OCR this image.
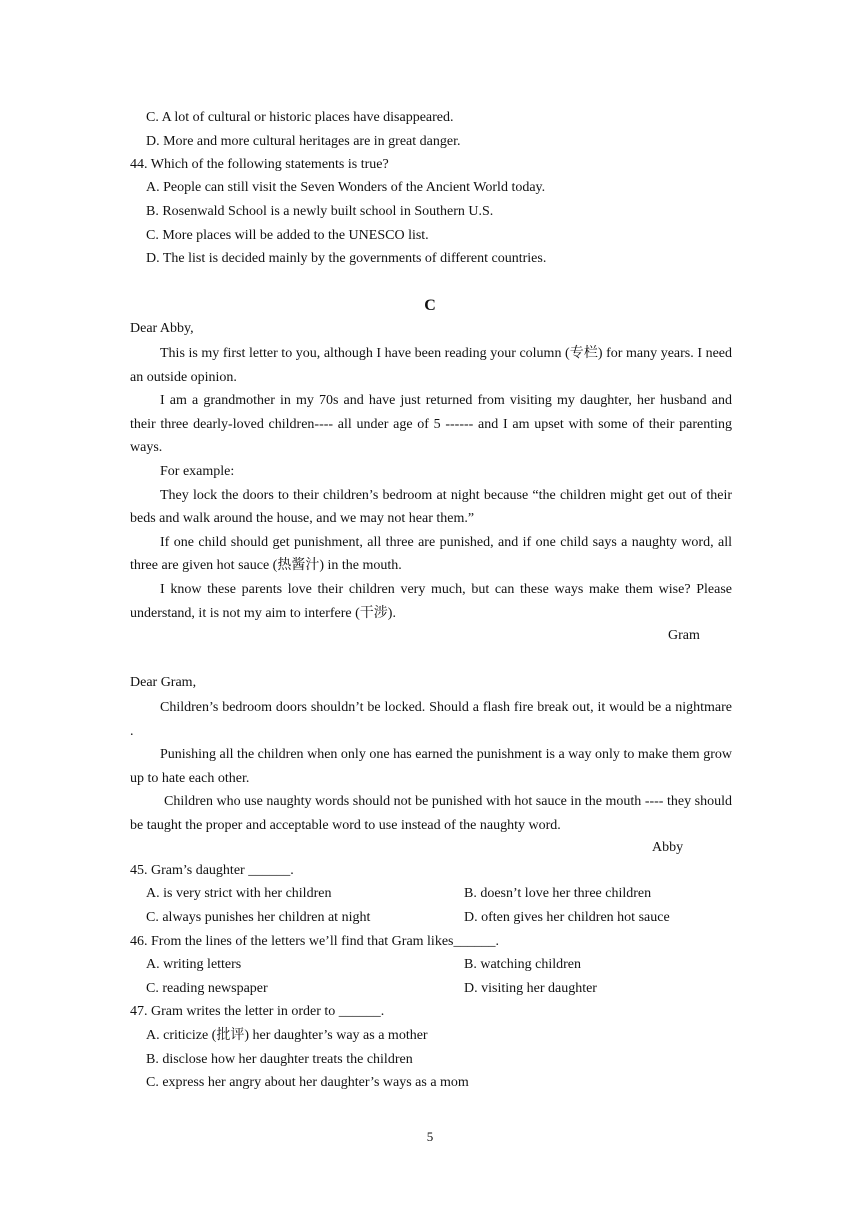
C. A lot of cultural or historic places have disappeared.
D. More and more cultural heritages are in great danger.
44. Which of the following statements is true?
A. People can still visit the Seven Wonders of the Ancient World today.
B. Rosenwald School is a newly built school in Southern U.S.
C. More places will be added to the UNESCO list.
D. The list is decided mainly by the governments of different countries.
C
Dear Abby,

This is my first letter to you, although I have been reading your column (专栏) for many years. I need an outside opinion.

I am a grandmother in my 70s and have just returned from visiting my daughter, her husband and their three dearly-loved children---- all under age of 5 ------ and I am upset with some of their parenting ways.

For example:

They lock the doors to their children’s bedroom at night because “the children might get out of their beds and walk around the house, and we may not hear them.”

If one child should get punishment, all three are punished, and if one child says a naughty word, all three are given hot sauce (热酱汁) in the mouth.

I know these parents love their children very much, but can these ways make them wise? Please understand, it is not my aim to interfere (干涉).

Gram
Dear Gram,

Children’s bedroom doors shouldn’t be locked. Should a flash fire break out, it would be a nightmare .

Punishing all the children when only one has earned the punishment is a way only to make them grow up to hate each other.

Children who use naughty words should not be punished with hot sauce in the mouth ---- they should be taught the proper and acceptable word to use instead of the naughty word.

Abby
45. Gram’s daughter ______.
A. is very strict with her children	B. doesn’t love her three children
C. always punishes her children at night	D. often gives her children hot sauce
46. From the lines of the letters we’ll find that Gram likes______.
A. writing letters	B. watching children
C. reading newspaper	D. visiting her daughter
47. Gram writes the letter in order to ______.
A. criticize (批评) her daughter’s way as a mother
B. disclose how her daughter treats the children
C. express her angry about her daughter’s ways as a mom
5
